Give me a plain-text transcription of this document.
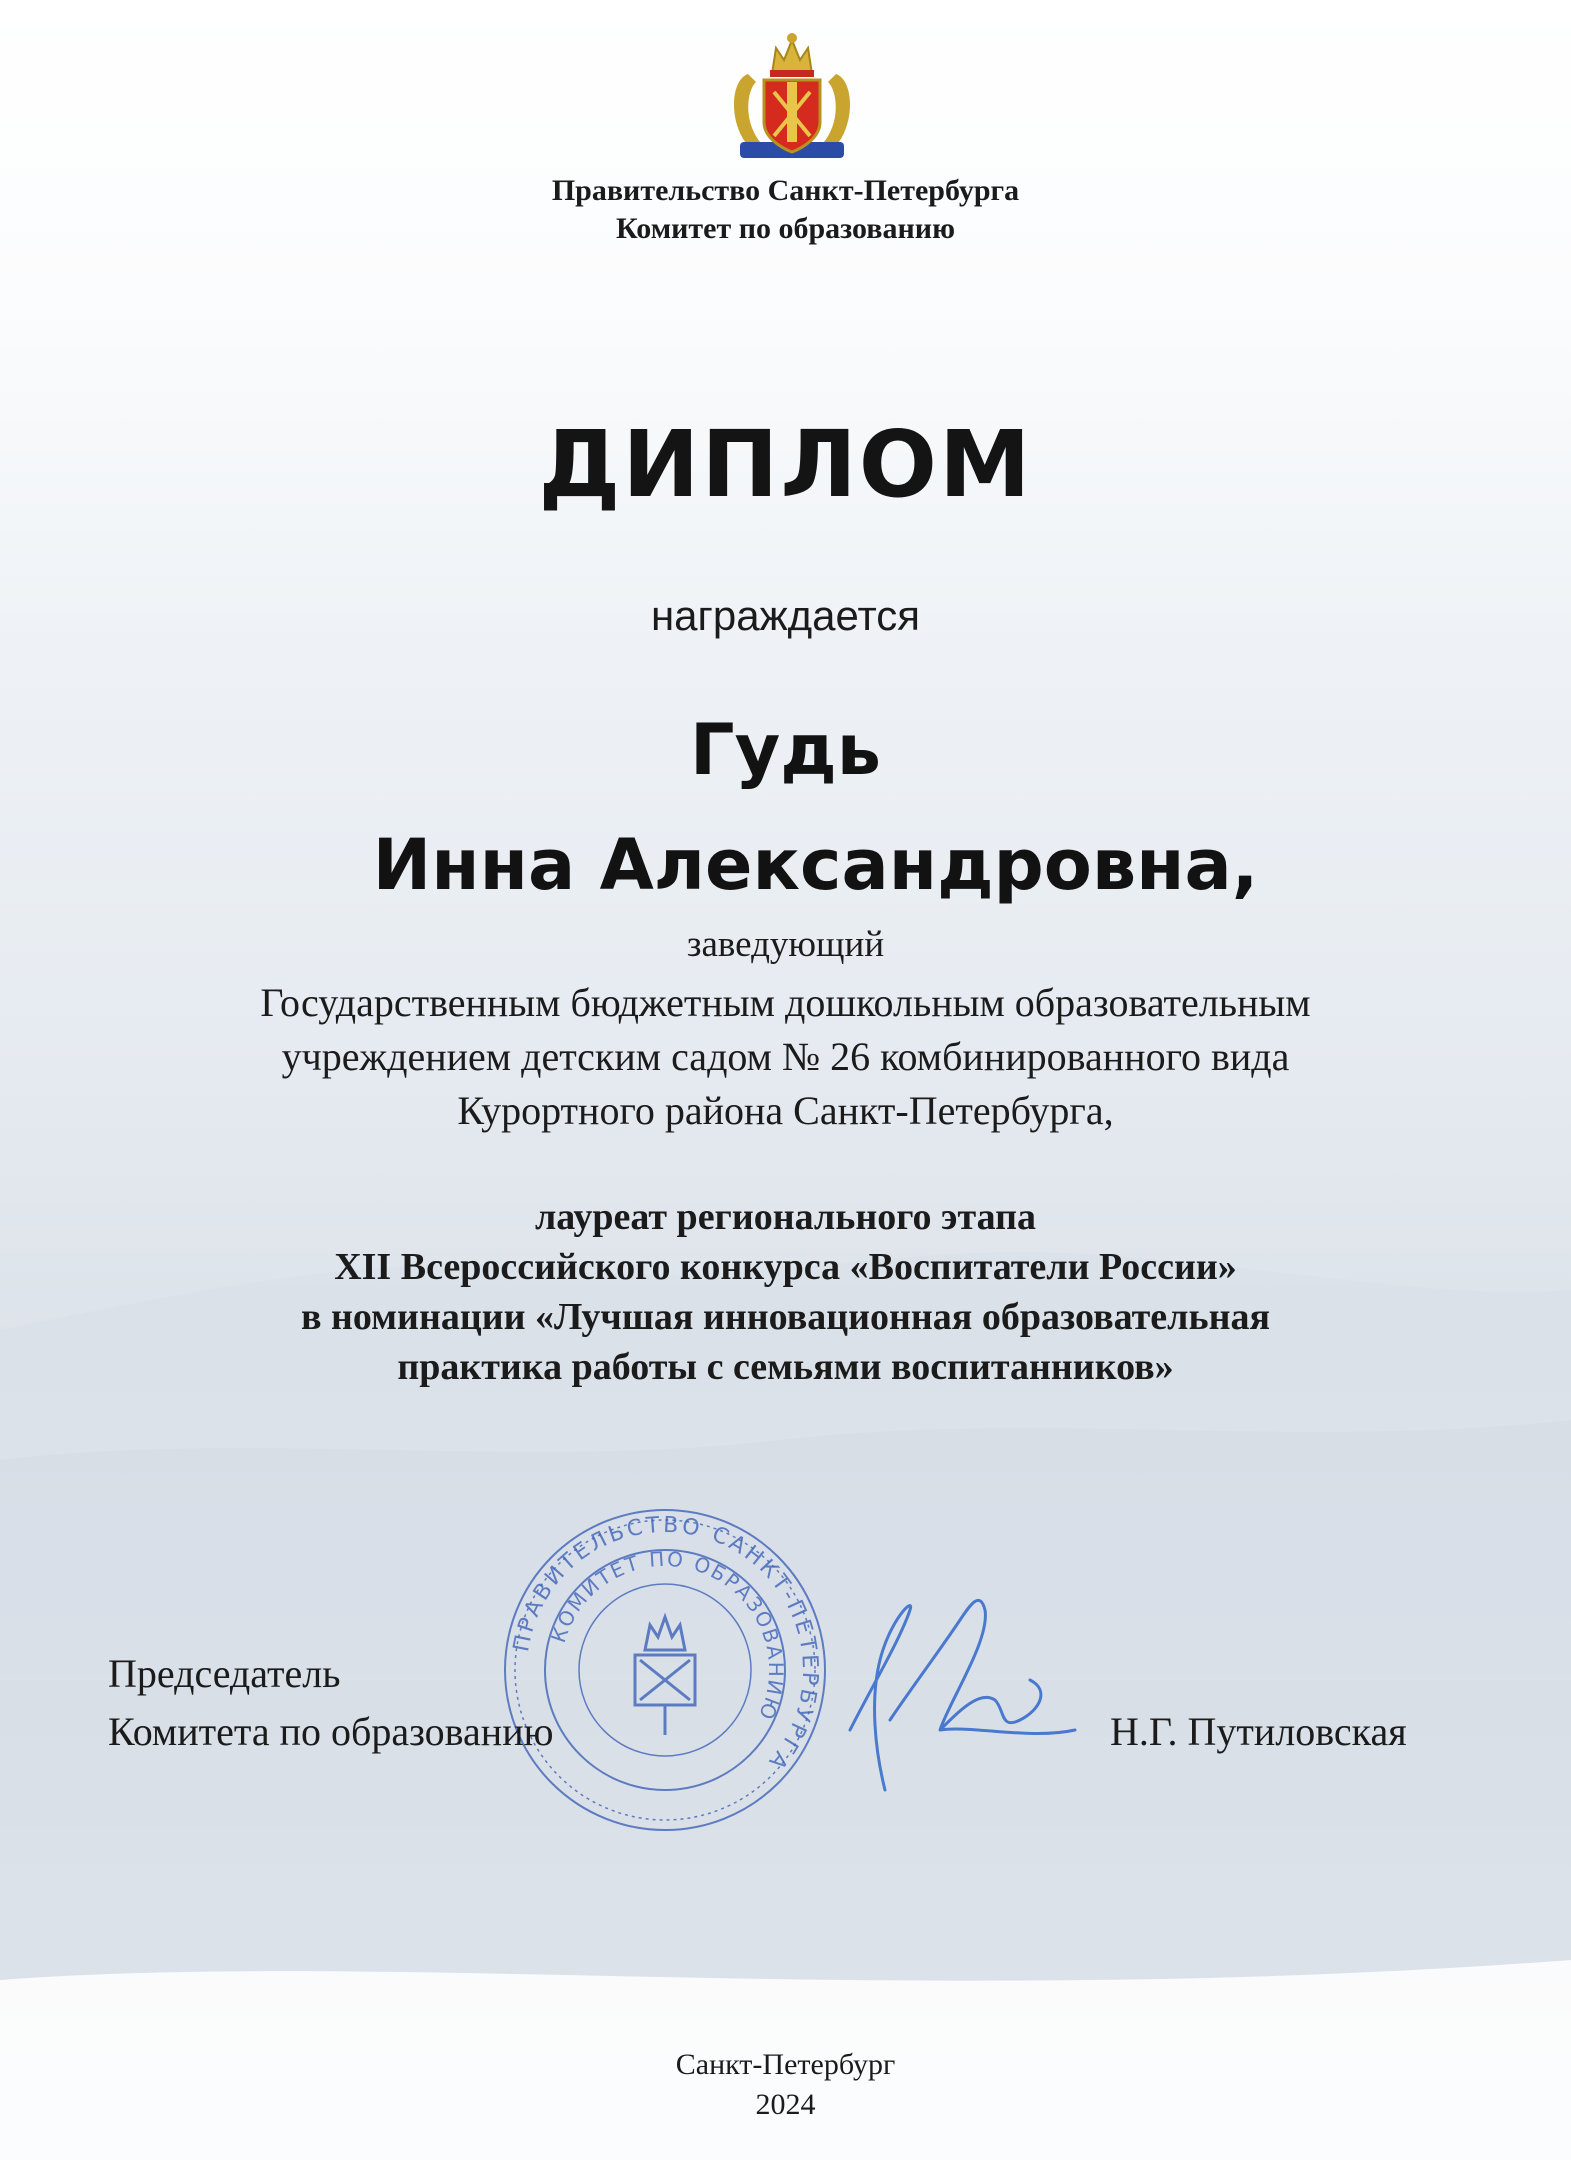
Правительство Санкт-Петербурга
Комитет по образованию
ДИПЛОМ
награждается
Гудь
Инна Александровна,
заведующий
Государственным бюджетным дошкольным образовательным
учреждением детским садом № 26 комбинированного вида
Курортного района Санкт-Петербурга,
лауреат регионального этапа
XII Всероссийского конкурса «Воспитатели России»
в номинации «Лучшая инновационная образовательная
практика работы с семьями воспитанников»
ПРАВИТЕЛЬСТВО САНКТ-ПЕТЕРБУРГА
КОМИТЕТ ПО ОБРАЗОВАНИЮ
Председатель
Комитета по образованию	Н.Г. Путиловская
Санкт-Петербург
2024
